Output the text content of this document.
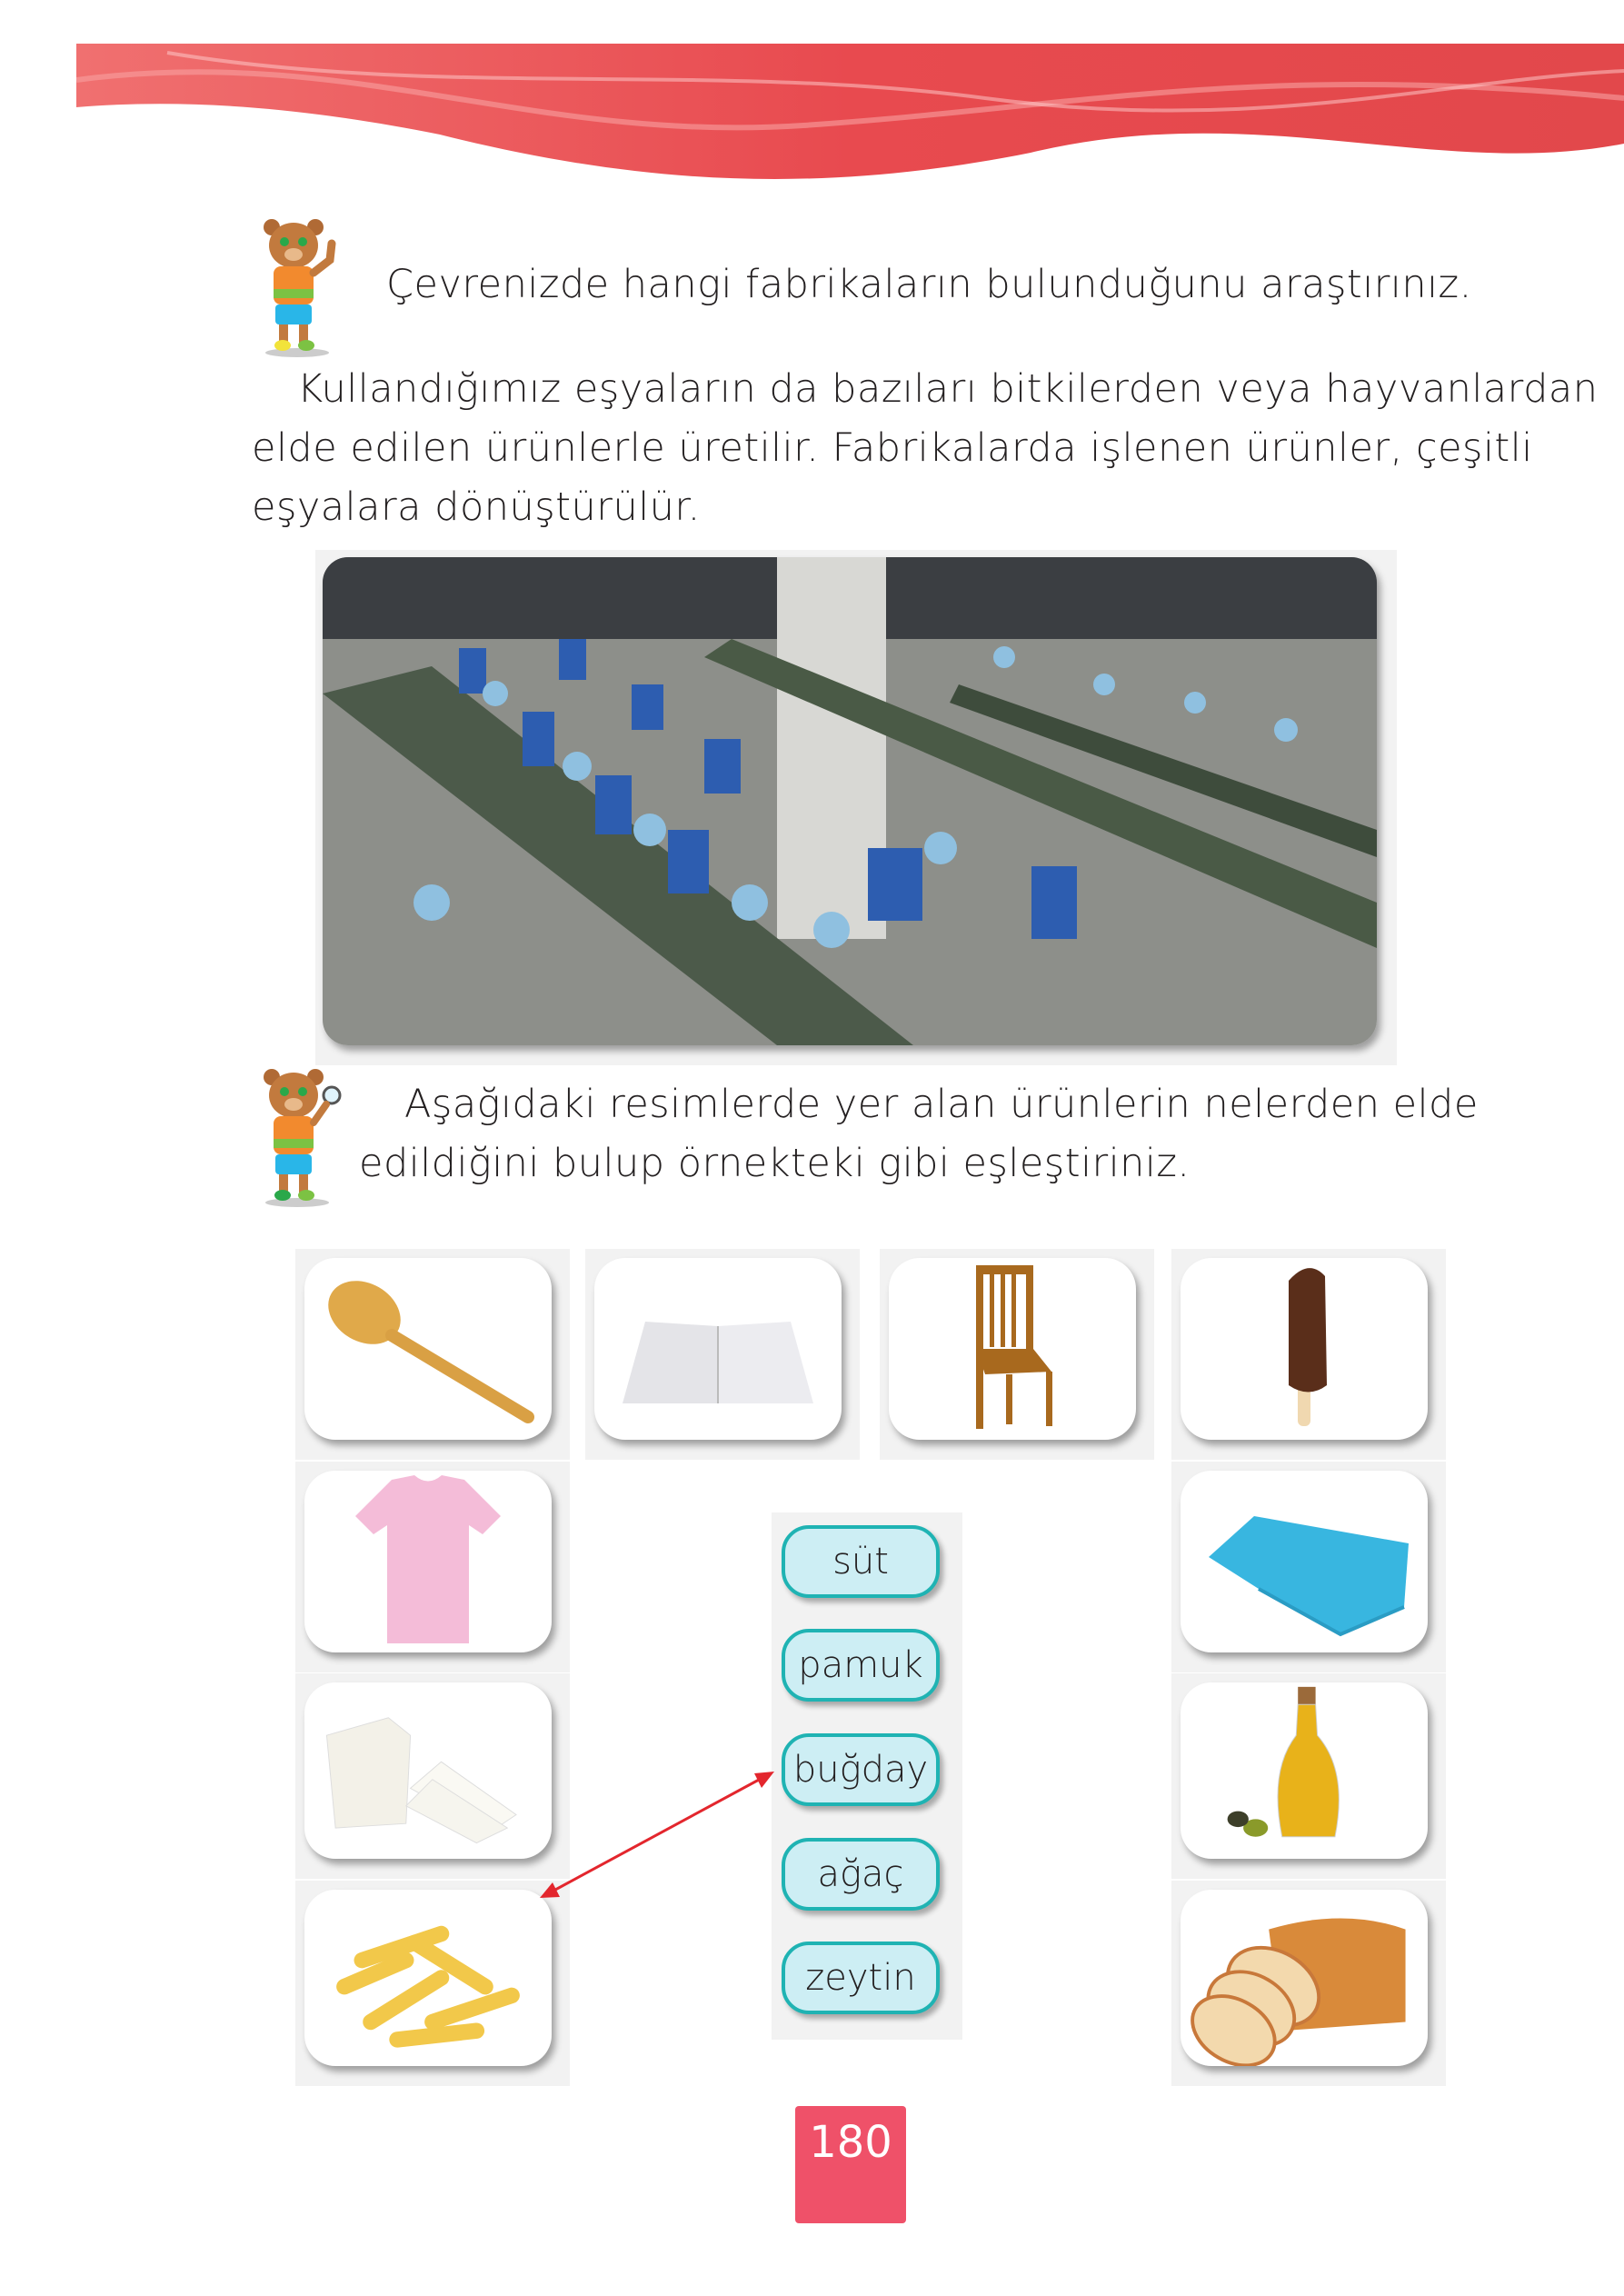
Çevrenizde hangi fabrikaların bulunduğunu araştırınız.
Kullandığımız eşyaların da bazıları bitkilerden veya hayvanlardan
elde edilen ürünlerle üretilir. Fabrikalarda işlenen ürünler, çeşitli
eşyalara dönüştürülür.
Aşağıdaki resimlerde yer alan ürünlerin nelerden elde
edildiğini bulup örnekteki gibi eşleştiriniz.
süt
pamuk
buğday
ağaç
zeytin
180
